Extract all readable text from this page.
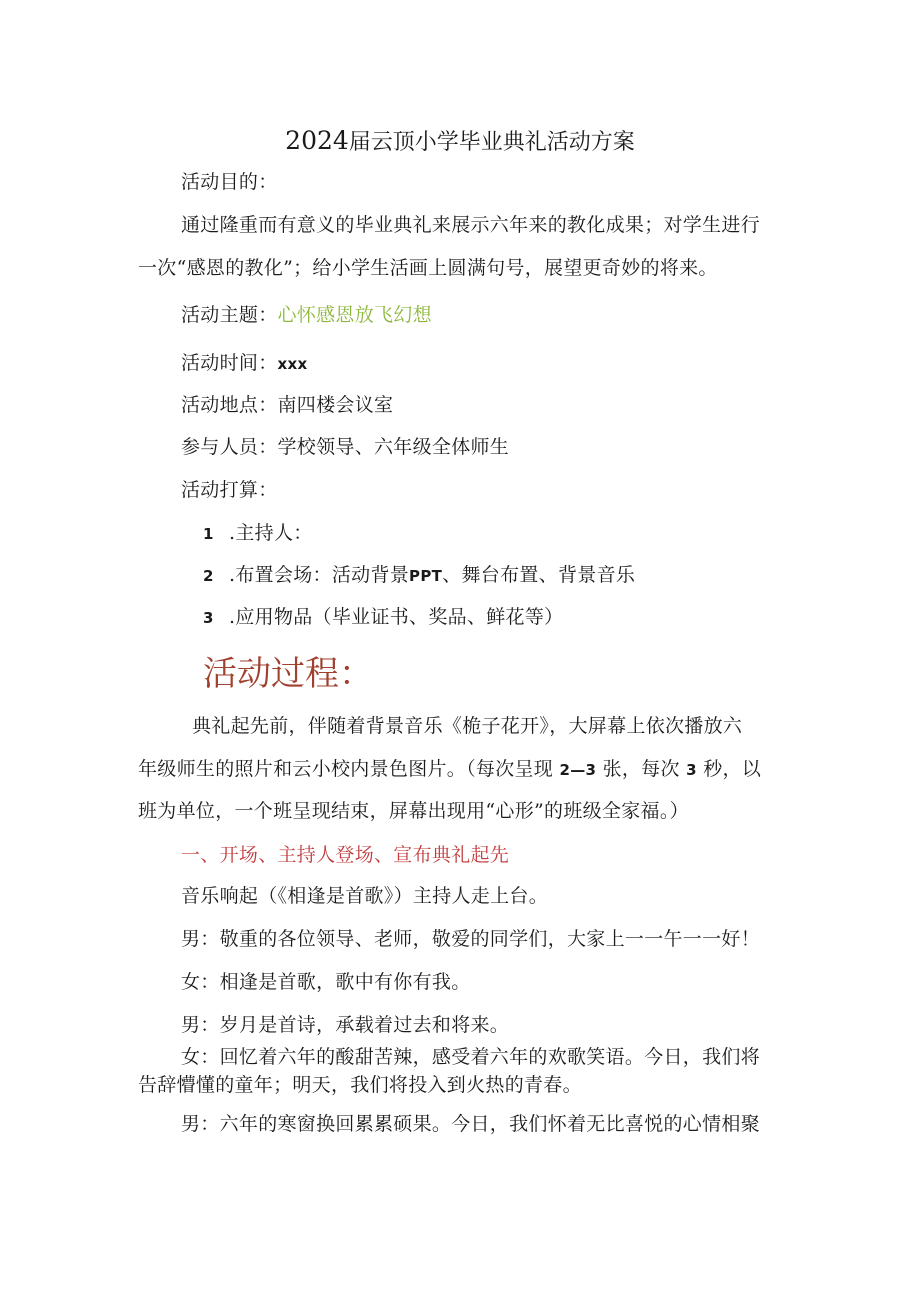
2024届云顶小学毕业典礼活动方案
活动目的：
通过隆重而有意义的毕业典礼来展示六年来的教化成果；对学生进行
一次“感恩的教化”；给小学生活画上圆满句号，展望更奇妙的将来。
活动主题：心怀感恩放飞幻想
活动时间：xxx
活动地点：南四楼会议室
参与人员：学校领导、六年级全体师生
活动打算：
1 .主持人：
2 .布置会场：活动背景PPT、舞台布置、背景音乐
3 .应用物品（毕业证书、奖品、鲜花等）
活动过程：
典礼起先前，伴随着背景音乐《桅子花开》，大屏幕上依次播放六
年级师生的照片和云小校内景色图片。（每次呈现 2—3 张，每次 3 秒，以
班为单位，一个班呈现结束，屏幕出现用“心形”的班级全家福。）
一、开场、主持人登场、宣布典礼起先
音乐响起（《相逢是首歌》）主持人走上台。
男：敬重的各位领导、老师，敬爱的同学们，大家上一一午一一好！
女：相逢是首歌，歌中有你有我。
男：岁月是首诗，承载着过去和将来。
女：回忆着六年的酸甜苦辣，感受着六年的欢歌笑语。今日，我们将
告辞懵懂的童年；明天，我们将投入到火热的青春。
男：六年的寒窗换回累累硕果。今日，我们怀着无比喜悦的心情相聚
